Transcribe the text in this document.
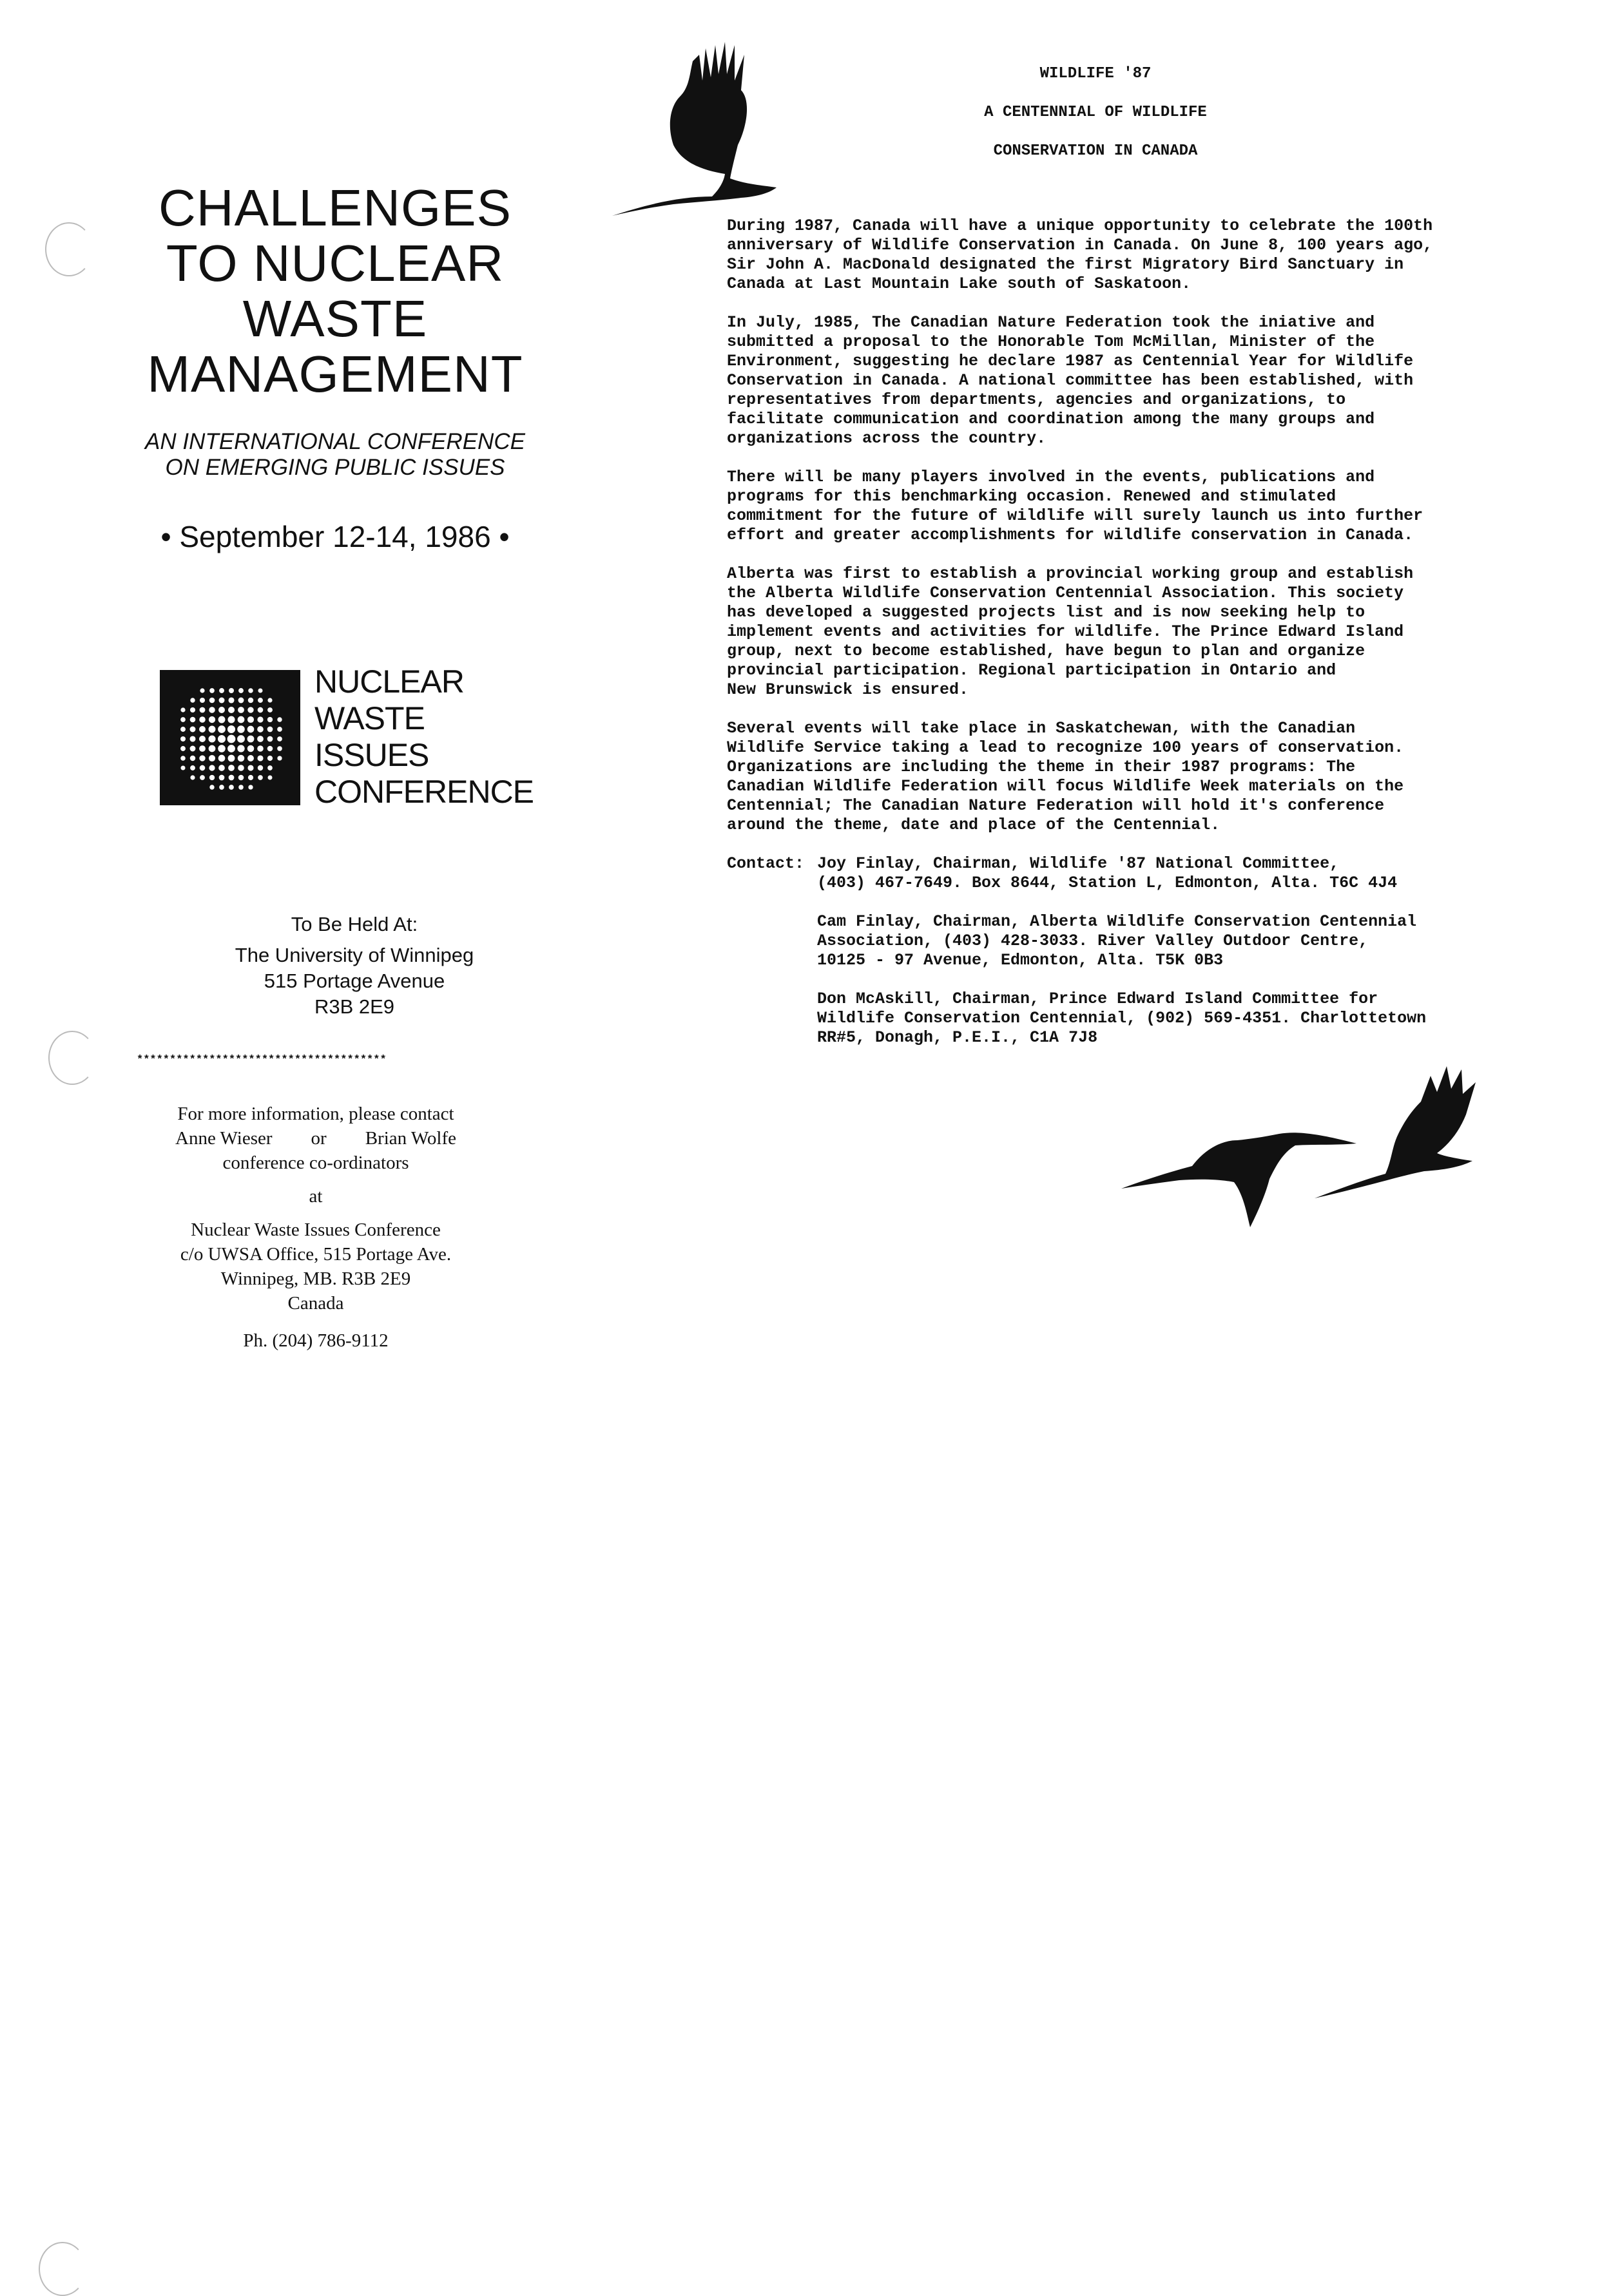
CHALLENGES
TO NUCLEAR
WASTE
MANAGEMENT
AN INTERNATIONAL CONFERENCE
ON EMERGING PUBLIC ISSUES
• September 12-14, 1986 •
NUCLEAR
WASTE
ISSUES
CONFERENCE
To Be Held At:
The University of Winnipeg
515 Portage Avenue
R3B 2E9
**************************************
For more information, please contact
Anne Wieser or Brian Wolfe
conference co-ordinators
at
Nuclear Waste Issues Conference
c/o UWSA Office, 515 Portage Ave.
Winnipeg, MB. R3B 2E9
Canada
Ph. (204) 786-9112
WILDLIFE '87
A CENTENNIAL OF WILDLIFE
CONSERVATION IN CANADA
During 1987, Canada will have a unique opportunity to celebrate the 100th
anniversary of Wildlife Conservation in Canada. On June 8, 100 years ago,
Sir John A. MacDonald designated the first Migratory Bird Sanctuary in
Canada at Last Mountain Lake south of Saskatoon.
In July, 1985, The Canadian Nature Federation took the iniative and
submitted a proposal to the Honorable Tom McMillan, Minister of the
Environment, suggesting he declare 1987 as Centennial Year for Wildlife
Conservation in Canada. A national committee has been established, with
representatives from departments, agencies and organizations, to
facilitate communication and coordination among the many groups and
organizations across the country.
There will be many players involved in the events, publications and
programs for this benchmarking occasion. Renewed and stimulated
commitment for the future of wildlife will surely launch us into further
effort and greater accomplishments for wildlife conservation in Canada.
Alberta was first to establish a provincial working group and establish
the Alberta Wildlife Conservation Centennial Association. This society
has developed a suggested projects list and is now seeking help to
implement events and activities for wildlife. The Prince Edward Island
group, next to become established, have begun to plan and organize
provincial participation. Regional participation in Ontario and
New Brunswick is ensured.
Several events will take place in Saskatchewan, with the Canadian
Wildlife Service taking a lead to recognize 100 years of conservation.
Organizations are including the theme in their 1987 programs: The
Canadian Wildlife Federation will focus Wildlife Week materials on the
Centennial; The Canadian Nature Federation will hold it's conference
around the theme, date and place of the Centennial.
Contact: Joy Finlay, Chairman, Wildlife '87 National Committee,
(403) 467-7649. Box 8644, Station L, Edmonton, Alta. T6C 4J4
Cam Finlay, Chairman, Alberta Wildlife Conservation Centennial
Association, (403) 428-3033. River Valley Outdoor Centre,
10125 - 97 Avenue, Edmonton, Alta. T5K 0B3
Don McAskill, Chairman, Prince Edward Island Committee for
Wildlife Conservation Centennial, (902) 569-4351. Charlottetown
RR#5, Donagh, P.E.I., C1A 7J8
